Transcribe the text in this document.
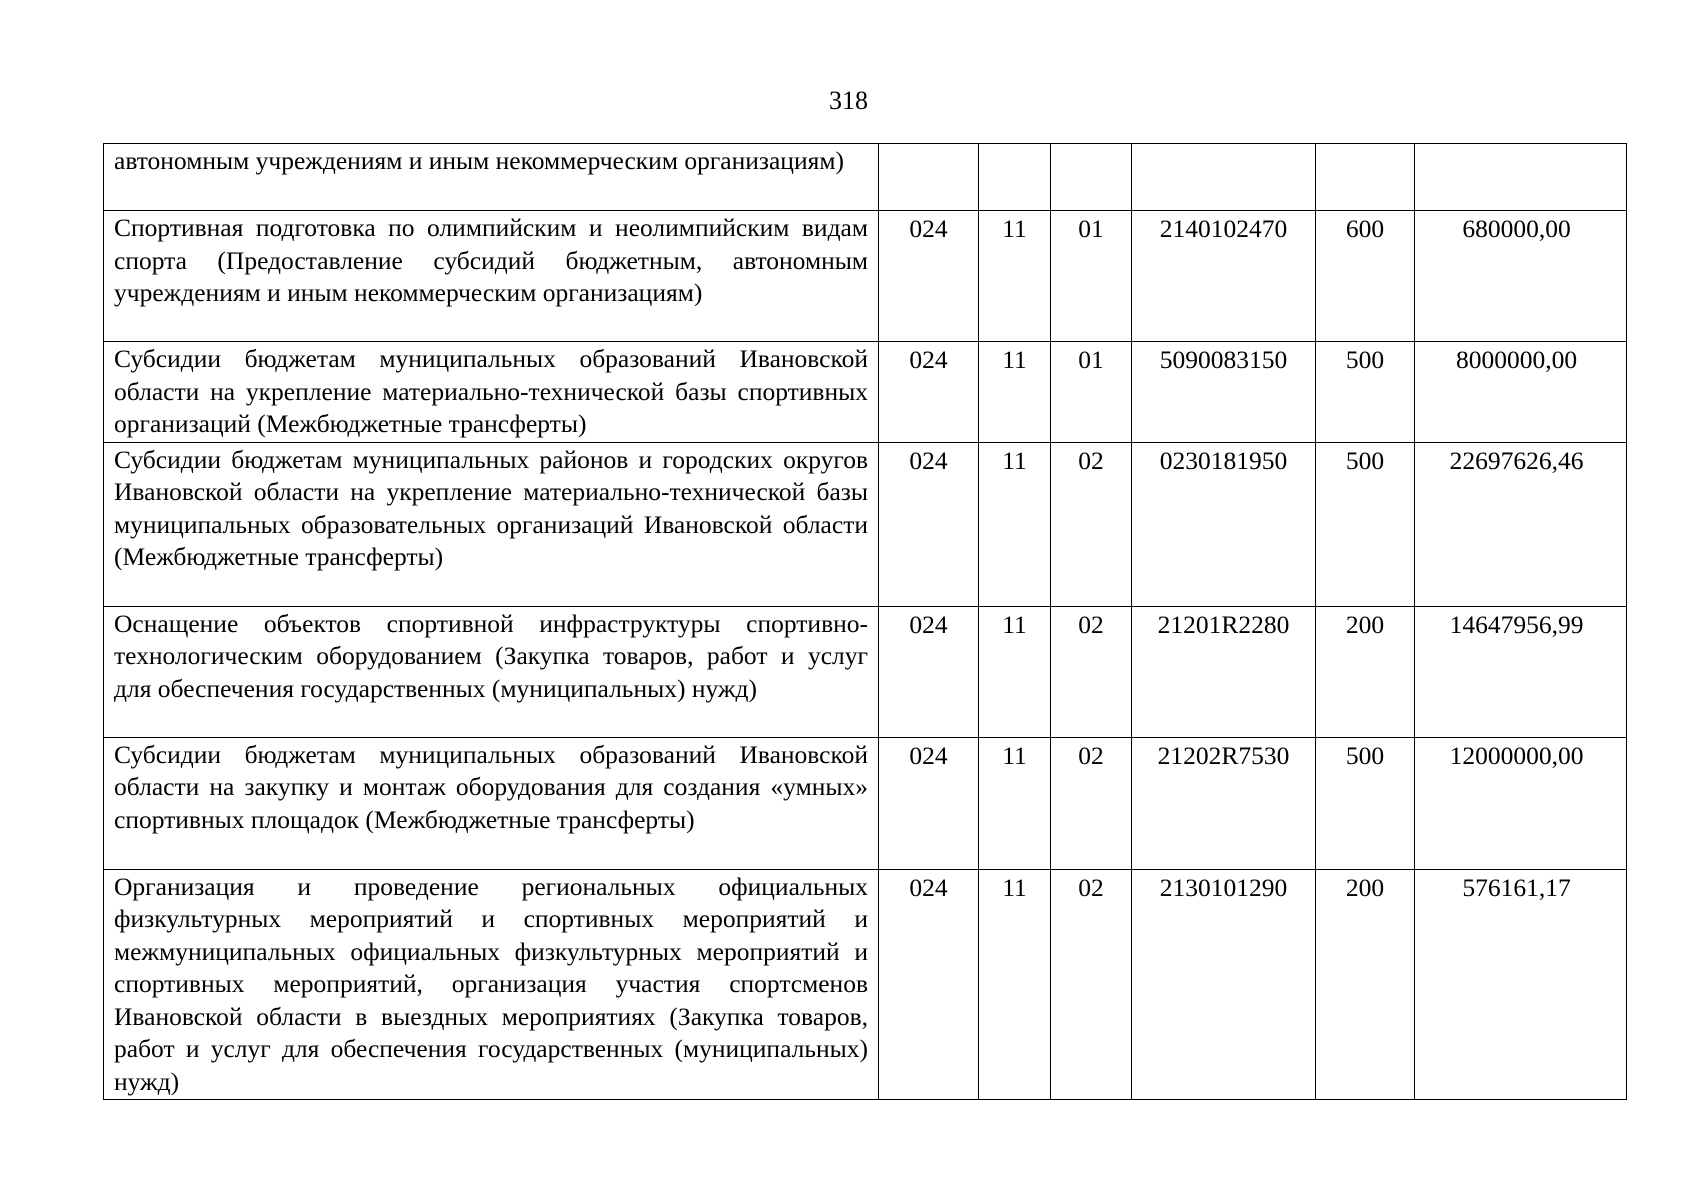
318
автономным учреждениям и иным некоммерческим организациям)						
Спортивная подготовка по олимпийским и неолимпийским видам спорта (Предоставление субсидий бюджетным, автономным учреждениям и иным некоммерческим организациям)	024	11	01	2140102470	600	680000,00
Субсидии бюджетам муниципальных образований Ивановской области на укрепление материально-технической базы спортивных организаций (Межбюджетные трансферты)	024	11	01	5090083150	500	8000000,00
Субсидии бюджетам муниципальных районов и городских округов Ивановской области на укрепление материально-технической базы муниципальных образовательных организаций Ивановской области (Межбюджетные трансферты)	024	11	02	0230181950	500	22697626,46
Оснащение объектов спортивной инфраструктуры спортивно-технологическим оборудованием (Закупка товаров, работ и услуг для обеспечения государственных (муниципальных) нужд)	024	11	02	21201R2280	200	14647956,99
Субсидии бюджетам муниципальных образований Ивановской области на закупку и монтаж оборудования для создания «умных» спортивных площадок (Межбюджетные трансферты)	024	11	02	21202R7530	500	12000000,00
Организация и проведение региональных официальных физкультурных мероприятий и спортивных мероприятий и межмуниципальных официальных физкультурных мероприятий и спортивных мероприятий, организация участия спортсменов Ивановской области в выездных мероприятиях (Закупка товаров, работ и услуг для обеспечения государственных (муниципальных) нужд)	024	11	02	2130101290	200	576161,17
